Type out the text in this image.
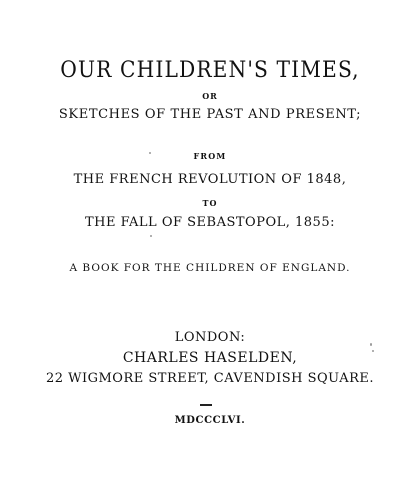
OUR CHILDREN'S TIMES,
OR
SKETCHES OF THE PAST AND PRESENT;
FROM
THE FRENCH REVOLUTION OF 1848,
TO
THE FALL OF SEBASTOPOL, 1855:
A BOOK FOR THE CHILDREN OF ENGLAND.
LONDON:
CHARLES HASELDEN,
22 WIGMORE STREET, CAVENDISH SQUARE.
MDCCCLVI.
